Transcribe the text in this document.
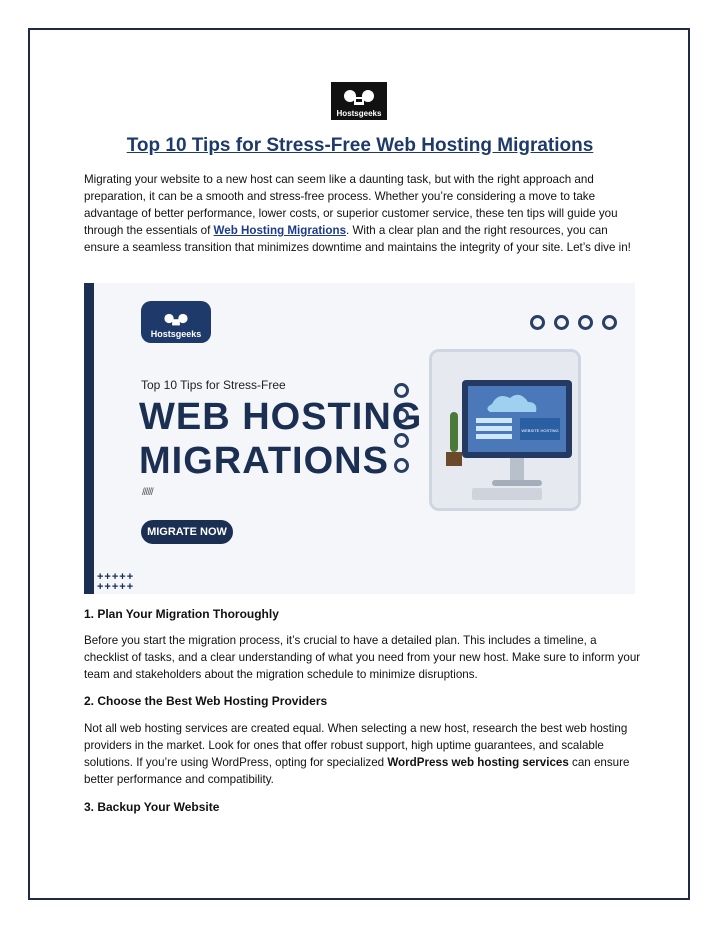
Hostsgeeks
Top 10 Tips for Stress-Free Web Hosting Migrations
Migrating your website to a new host can seem like a daunting task, but with the right approach and preparation, it can be a smooth and stress-free process. Whether you’re considering a move to take advantage of better performance, lower costs, or superior customer service, these ten tips will guide you through the essentials of Web Hosting Migrations. With a clear plan and the right resources, you can ensure a seamless transition that minimizes downtime and maintains the integrity of your site. Let’s dive in!
Hostsgeeks
Top 10 Tips for Stress-Free
WEB HOSTING
MIGRATIONS
//////
MIGRATE NOW
+++++
+++++
WEBSITE HOSTING
1. Plan Your Migration Thoroughly
Before you start the migration process, it’s crucial to have a detailed plan. This includes a timeline, a checklist of tasks, and a clear understanding of what you need from your new host. Make sure to inform your team and stakeholders about the migration schedule to minimize disruptions.
2. Choose the Best Web Hosting Providers
Not all web hosting services are created equal. When selecting a new host, research the best web hosting providers in the market. Look for ones that offer robust support, high uptime guarantees, and scalable solutions. If you’re using WordPress, opting for specialized WordPress web hosting services can ensure better performance and compatibility.
3. Backup Your Website
